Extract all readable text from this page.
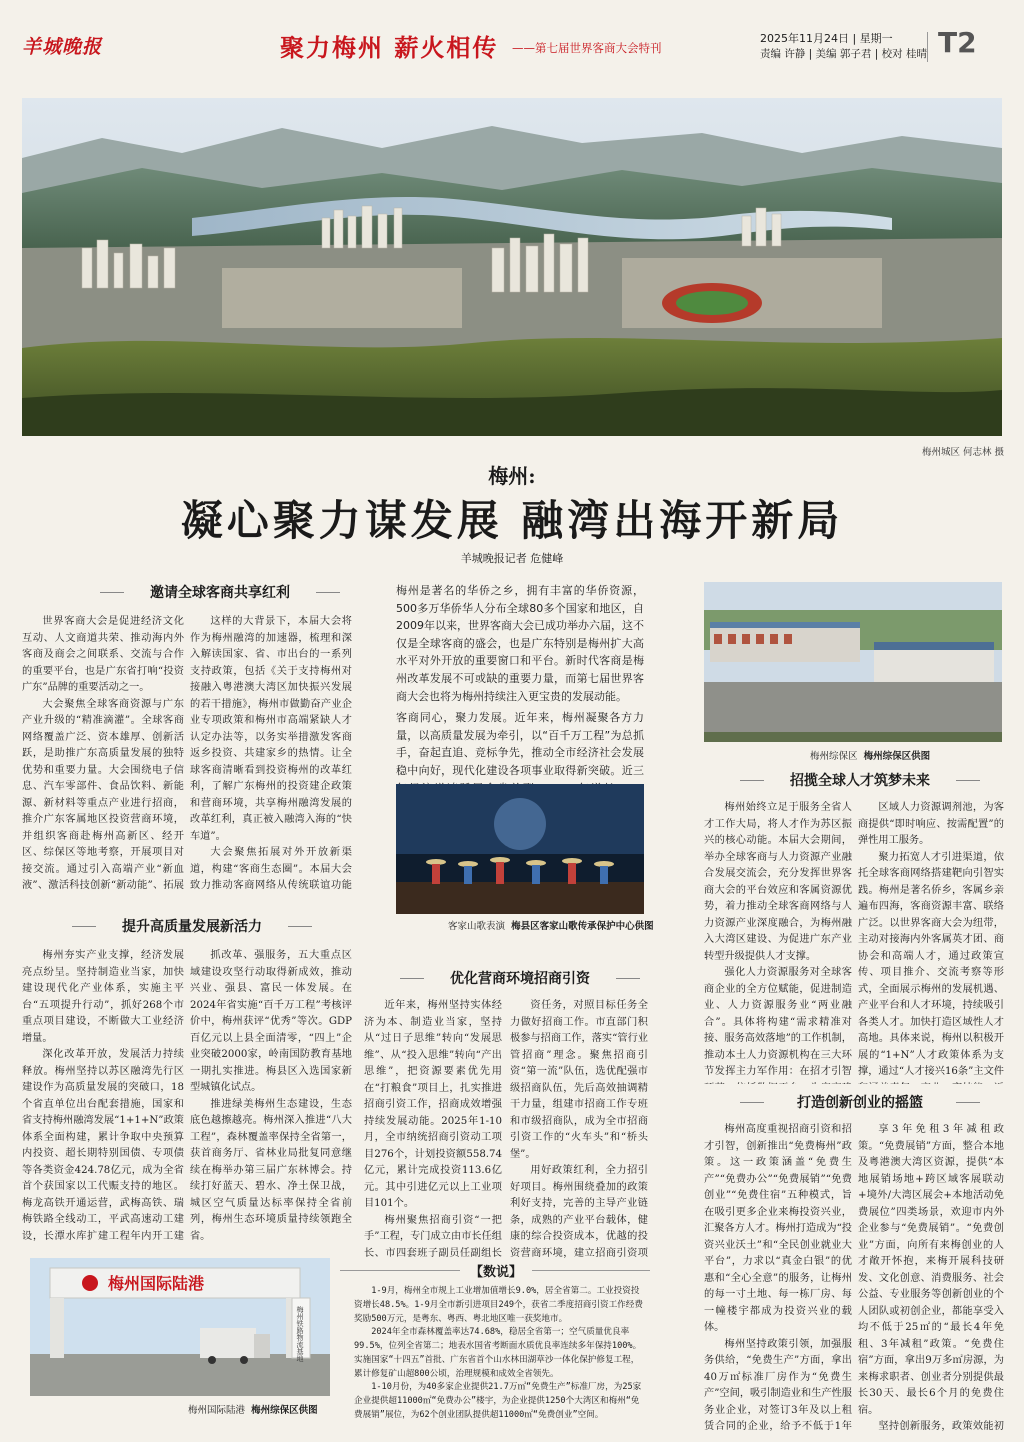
羊城晚报	聚力梅州 薪火相传 ——第七届世界客商大会特刊
2025年11月24日 | 星期一
责编 许静 | 美编 郭子君 | 校对 桂晴 T2
梅州城区 何志林 摄
梅州:
凝心聚力谋发展 融湾出海开新局
羊城晚报记者 危健峰
邀请全球客商共享红利

世界客商大会是促进经济文化互动、人文商道共荣、推动海内外客商及商会之间联系、交流与合作的重要平台，也是广东省打响“投资广东”品牌的重要活动之一。

大会聚焦全球客商资源与广东产业升级的“精准滴灌”。全球客商网络覆盖广泛、资本雄厚、创新活跃，是助推广东高质量发展的独特优势和重要力量。大会围绕电子信息、汽车零部件、食品饮料、新能源、新材料等重点产业进行招商，推介广东客属地区投资营商环境，并组织客商赴梅州高新区、经开区、综保区等地考察，开展项目对接交流。通过引入高端产业“新血液”、激活科技创新“新动能”、拓展

这样的大背景下，本届大会将作为梅州融湾的加速器，梳理和深入解读国家、省、市出台的一系列支持政策，包括《关于支持梅州对接融入粤港澳大湾区加快振兴发展的若干措施》，梅州市做勤奋产业企业专项政策和梅州市高端紧缺人才认定办法等，以务实举措激发客商返乡投资、共建家乡的热情。让全球客商清晰看到投资梅州的改革红利，了解广东梅州的投资建企政策和营商环境，共享梅州融湾发展的改革红利，真正被入融湾入海的“快车道”。

大会聚焦拓展对外开放新渠道，构建“客商生态圈”。本届大会致力推动客商网络从传统联谊功能

梅州是著名的华侨之乡，拥有丰富的华侨资源，500多万华侨华人分布全球80多个国家和地区，自2009年以来，世界客商大会已成功举办六届，这不仅是全球客商的盛会，也是广东特别是梅州扩大高水平对外开放的重要窗口和平台。新时代客商是梅州改革发展不可或缺的重要力量，而第七届世界客商大会也将为梅州持续注入更宝贵的发展动能。

客商同心，聚力发展。近年来，梅州凝聚各方力量，以高质量发展为牵引，以“百千万工程”为总抓手，奋起直追、竞标争先，推动全市经济社会发展稳中向好，现代化建设各项事业取得新突破。近三

梅州综保区 梅州综保区供图
客家山歌表演 梅县区客家山歌传承保护中心供图
提升高质量发展新活力

梅州夯实产业支撑，经济发展亮点纷呈。坚持制造业当家，加快建设现代化产业体系，实施主平台“五项提升行动”，抓好268个市重点项目建设，不断做大工业经济增量。

深化改革开放，发展活力持续释放。梅州坚持以苏区融湾先行区建设作为高质量发展的突破口，18个省直单位出台配套措施，国家和省支持梅州融湾发展“1+1+N”政策体系全面构建，累计争取中央预算内投资、超长期特别国债、专项债等各类资金424.78亿元，成为全省首个获国家以工代赈支持的地区。梅龙高铁开通运营，武梅高铁、瑞梅铁路全线动工，平武高速动工建设，长潭水库扩建工程年内开工建

抓改革、强服务，五大重点区域建设攻坚行动取得新成效，推动兴业、强县、富民一体发展。在2024年省实施“百千万工程”考核评价中，梅州获评“优秀”等次。GDP百亿元以上县全面清零，“四上”企业突破2000家，岭南国防教育基地一期扎实推进。梅县区入选国家新型城镇化试点。

推进绿美梅州生态建设，生态底色越擦越亮。梅州深入推进“八大工程”，森林覆盖率保持全省第一，获首商务厅、省林业局批复同意继续在梅举办第三届广东林博会。持续打好蓝天、碧水、净土保卫战，城区空气质量达标率保持全省前列，梅州生态环境质量持续领跑全省。

优化营商环境招商引资

近年来，梅州坚持实体经济为本、制造业当家，坚持从“过日子思维”转向“发展思维”、从“投入思维”转向“产出思维”，把资源要素优先用在“打粮食”项目上，扎实推进招商引资工作，招商成效增强持续发展动能。2025年1-10月，全市纳统招商引资动工项目276个，计划投资额558.74亿元，累计完成投资113.6亿元。其中引进亿元以上工业项目101个。

梅州聚焦招商引资“一把手”工程，专门成立由市长任组长、市四套班子副员任副组长

资任务，对照目标任务全力做好招商工作。市直部门积极参与招商工作，落实“管行业 管招商”理念。聚焦招商引资“第一流”队伍，选优配强市级招商队伍，先后高效抽调精干力量，组建市招商工作专班和市级招商队，成为全市招商引资工作的“火车头”和“桥头堡”。

用好政策红利，全力招引好项目。梅州围绕叠加的政策利好支持，完善的主导产业链条，成熟的产业平台载体，健康的综合投资成本，优越的投资营商环境，建立招商引资项

招揽全球人才筑梦未来

梅州始终立足于服务全省人才工作大局，将人才作为苏区振兴的核心动能。本届大会期间，举办全球客商与人力资源产业融合发展交流会，充分发挥世界客商大会的平台效应和客属资源优势，着力推动全球客商网络与人力资源产业深度融合，为梅州融入大湾区建设、为促进广东产业转型升级提供人才支撑。

强化人力资源服务对全球客商企业的全方位赋能，促进制造业、人力资源服务业“两业融合”。具体将构建“需求精准对接、服务高效落地”的工作机制，推动本土人力资源机构在三大环节发挥主力军作用：在招才引智

区域人力资源调剂池，为客商提供“即时响应、按需配置”的弹性用工服务。

聚力拓宽人才引进渠道，依托全球客商网络搭建靶向引智实践。梅州是著名侨乡，客属乡亲遍布四海，客商资源丰富、联络广泛。以世界客商大会为纽带，主动对接海内外客属英才团、商协会和高端人才，通过政策宣传、项目推介、交流考察等形式，全面展示梅州的发展机遇、产业平台和人才环境，持续吸引各类人才。加快打造区域性人才高地。具体来说，梅州以积极开展的“1+N”人才政策体系为支撑，通过“人才接兴16条”主文件

打造创新创业的摇篮

梅州高度重视招商引资和招才引智，创新推出“免费梅州”政策。这一政策涵盖“免费生产”“免费办公”“免费展销”“免费创业”“免费住宿”五种模式，旨在吸引更多企业来梅投资兴业，汇聚各方人才。梅州打造成为“投资兴业沃土”和“全民创业就业大平台”，力求以“真金白银”的优惠和“全心全意”的服务，让梅州的每一寸土地、每一栋厂房、每一幢楼宇都成为投资兴业的载体。

梅州坚持政策引领，加强服务供给，“免费生产”方面，拿出40万㎡标准厂房作为“免费生产”空间，吸引制造业和生产性服务业企业，对签订3年及以上租赁合同的企业，给予不低于1年

享3年免租3年减租政策。“免费展销”方面，整合本地及粤港澳大湾区资源，提供“本地展销场地+跨区域客展联动+境外/大湾区展会+本地活动免费展位”四类场景，欢迎市内外企业参与“免费展销”。“免费创业”方面，向所有来梅创业的人才敞开怀抱，来梅开展科技研发、文化创意、消费服务、社会公益、专业服务等创新创业的个人团队或初创企业，都能享受入均不低于25㎡的“最长4年免租、3年减租”政策。“免费住宿”方面，拿出9万多㎡房源，为来梅求职者、创业者分别提供最长30天、最长6个月的免费住宿。

坚持创新服务，政策效能初

【数说】

1-9月，梅州全市规上工业增加值增长9.0%，居全省第二。工业投资投资增长48.5%。1-9月全市新引进项目249个，获省二季度招商引资工作经费奖励500万元，是粤东、粤西、粤北地区唯一获奖地市。

2024年全市森林覆盖率达74.68%，稳居全省第一；空气质量优良率99.5%，位列全省第二；地表水国省考断面水质优良率连续多年保持100%。实施国家“十四五”首批、广东省首个山水林田湖草沙一体化保护修复工程，累计修复矿山超800公顷，治理规模和成效全省领先。

1-10月份，为40多家企业提供21.7万㎡“免费生产”标准厂房，为25家企业提供超11000㎡“免费办公”楼宇，为企业提供1250个大湾区和梅州“免费展销”展位，为62个创业团队提供超11000㎡“免费创业”空间。

梅州国际陆港
梅州铁路物流基地
梅州国际陆港 梅州综保区供图
